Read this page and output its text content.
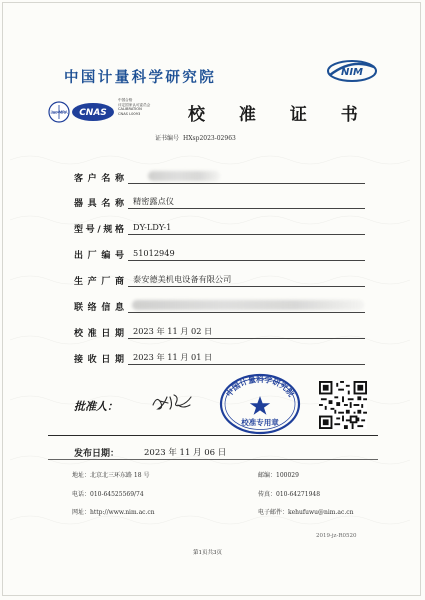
中国计量科学研究院	NIM
ilac-MRA CNAS
中国合格
评定国家认可委员会
CALIBRATION
CNAS L0093	校 准 证 书
证书编号 HXsp2023-02963
客户名称
器具名称 精密露点仪
型号/规格 DY-LDY-1
出厂编号 51012949
生产厂商 泰安德美机电设备有限公司
联络信息
校准日期 2023 年 11 月 02 日
接收日期 2023 年 11 月 01 日
批准人：
中国计量科学研究院
校准专用章
发布日期：	2023 年 11 月 06 日
地址：北京北三环东路 18 号	邮编：100029
电话：010-64525569/74	传真：010-64271948
网址：http://www.nim.ac.cn	电子邮件：kehufuwu@nim.ac.cn
2019-jz-R0520
第1页共3页
